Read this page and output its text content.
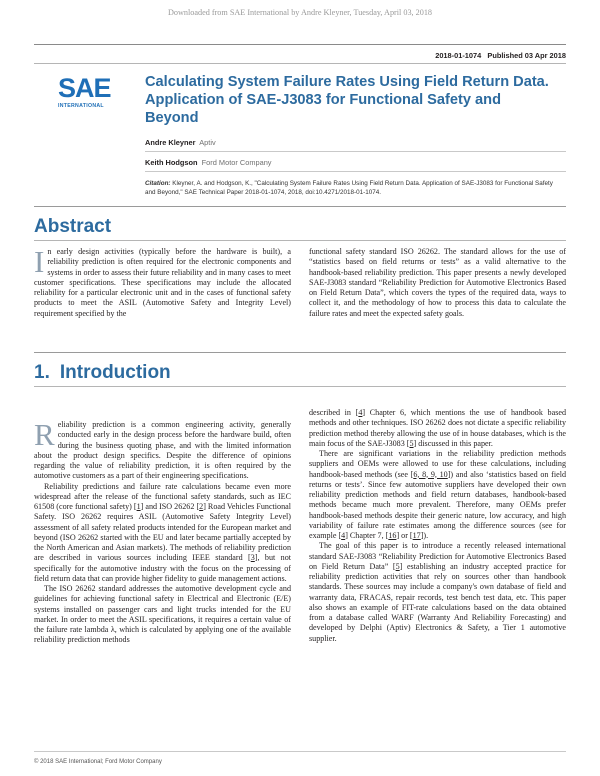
Downloaded from SAE International by Andre Kleyner, Tuesday, April 03, 2018
2018-01-1074 Published 03 Apr 2018
SAE
INTERNATIONAL
Calculating System Failure Rates Using Field Return Data. Application of SAE-J3083 for Functional Safety and Beyond
Andre Kleyner Aptiv
Keith Hodgson Ford Motor Company
Citation: Kleyner, A. and Hodgson, K., "Calculating System Failure Rates Using Field Return Data. Application of SAE-J3083 for Functional Safety and Beyond," SAE Technical Paper 2018-01-1074, 2018, doi:10.4271/2018-01-1074.
Abstract

In early design activities (typically before the hardware is built), a reliability prediction is often required for the electronic components and systems in order to assess their future reliability and in many cases to meet customer specifications. These specifications may include the allocated reliability for a particular electronic unit and in the cases of functional safety products to meet the ASIL (Automotive Safety and Integrity Level) requirement specified by the

functional safety standard ISO 26262. The standard allows for the use of “statistics based on field returns or tests” as a valid alternative to the handbook-based reliability prediction. This paper presents a newly developed SAE-J3083 standard “Reliability Prediction for Automotive Electronics Based on Field Return Data”, which covers the types of the required data, ways to collect it, and the methodology of how to process this data to calculate the failure rates and meet the expected safety goals.

1. Introduction

Reliability prediction is a common engineering activity, generally conducted early in the design process before the hardware build, often during the business quoting phase, and with the limited information about the product design specifics. Despite the difference of opinions regarding the value of reliability prediction, it is often required by the automotive customers as a part of their engineering specifications.

Reliability predictions and failure rate calculations became even more widespread after the release of the functional safety standards, such as IEC 61508 (core functional safety) [1] and ISO 26262 [2] Road Vehicles Functional Safety. ISO 26262 requires ASIL (Automotive Safety Integrity Level) assessment of all safety related products intended for the European market and beyond (ISO 26262 started with the EU and later became partially accepted by the North American and Asian markets). The methods of reliability prediction are described in various sources including IEEE standard [3], but not specifically for the automotive industry with the focus on the processing of field return data that can provide higher fidelity to guide management actions.

The ISO 26262 standard addresses the automotive development cycle and guidelines for achieving functional safety in Electrical and Electronic (E/E) systems installed on passenger cars and light trucks intended for the EU market. In order to meet the ASIL specifications, it requires a certain value of the failure rate lambda λ, which is calculated by applying one of the available reliability prediction methods

described in [4] Chapter 6, which mentions the use of handbook based methods and other techniques. ISO 26262 does not dictate a specific reliability prediction method thereby allowing the use of in house databases, which is the main focus of the SAE-J3083 [5] discussed in this paper.

There are significant variations in the reliability prediction methods suppliers and OEMs were allowed to use for these calculations, including handbook-based methods (see [6, 8, 9, 10]) and also ‘statistics based on field returns or tests’. Since few automotive suppliers have developed their own reliability prediction methods and field return databases, handbook-based methods became much more prevalent. Therefore, many OEMs prefer handbook-based methods despite their generic nature, low accuracy, and high variability of failure rate estimates among the difference sources (see for example [4] Chapter 7, [16] or [17]).

The goal of this paper is to introduce a recently released international standard SAE-J3083 “Reliability Prediction for Automotive Electronics Based on Field Return Data” [5] establishing an industry accepted practice for reliability prediction activities that rely on sources other than handbook standards. These sources may include a company's own database of field and warranty data, FRACAS, repair records, test bench test data, etc. This paper also shows an example of FIT-rate calculations based on the data obtained from a database called WARF (Warranty And Reliability Forecasting) and developed by Delphi (Aptiv) Electronics & Safety, a Tier 1 automotive supplier.

© 2018 SAE International; Ford Motor Company
